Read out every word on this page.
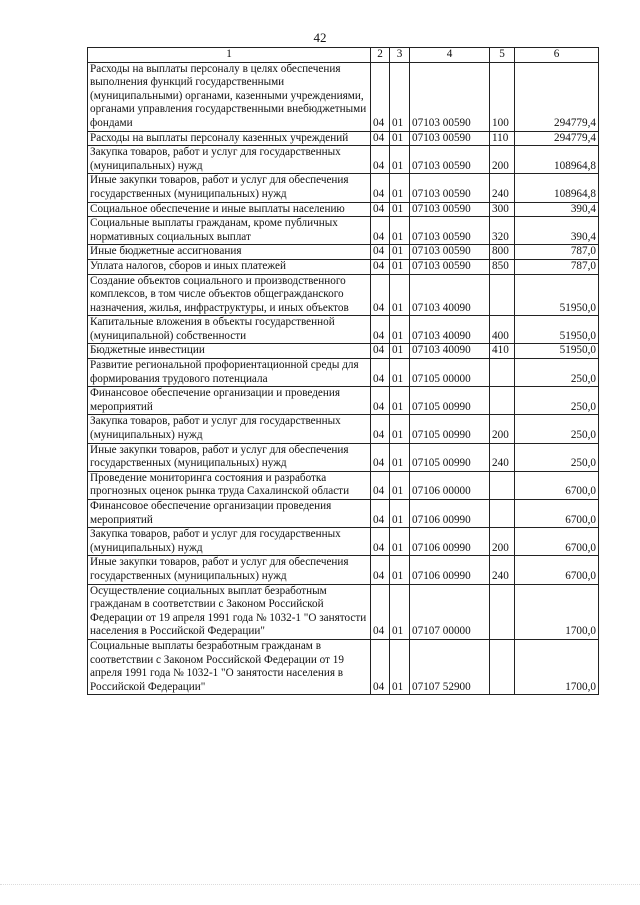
42
1	2	3	4	5	6
Расходы на выплаты персоналу в целях обеспечения выполнения функций государственными (муниципальными) органами, казенными учреждениями, органами управления государственными внебюджетными фондами	04	01	07103 00590	100	294779,4
Расходы на выплаты персоналу казенных учреждений	04	01	07103 00590	110	294779,4
Закупка товаров, работ и услуг для государственных (муниципальных) нужд	04	01	07103 00590	200	108964,8
Иные закупки товаров, работ и услуг для обеспечения государственных (муниципальных) нужд	04	01	07103 00590	240	108964,8
Социальное обеспечение и иные выплаты населению	04	01	07103 00590	300	390,4
Социальные выплаты гражданам, кроме публичных нормативных социальных выплат	04	01	07103 00590	320	390,4
Иные бюджетные ассигнования	04	01	07103 00590	800	787,0
Уплата налогов, сборов и иных платежей	04	01	07103 00590	850	787,0
Создание объектов социального и производственного комплексов, в том числе объектов общегражданского назначения, жилья, инфраструктуры, и иных объектов	04	01	07103 40090		51950,0
Капитальные вложения в объекты государственной (муниципальной) собственности	04	01	07103 40090	400	51950,0
Бюджетные инвестиции	04	01	07103 40090	410	51950,0
Развитие региональной профориентационной среды для формирования трудового потенциала	04	01	07105 00000		250,0
Финансовое обеспечение организации и проведения мероприятий	04	01	07105 00990		250,0
Закупка товаров, работ и услуг для государственных (муниципальных) нужд	04	01	07105 00990	200	250,0
Иные закупки товаров, работ и услуг для обеспечения государственных (муниципальных) нужд	04	01	07105 00990	240	250,0
Проведение мониторинга состояния и разработка прогнозных оценок рынка труда Сахалинской области	04	01	07106 00000		6700,0
Финансовое обеспечение организации проведения мероприятий	04	01	07106 00990		6700,0
Закупка товаров, работ и услуг для государственных (муниципальных) нужд	04	01	07106 00990	200	6700,0
Иные закупки товаров, работ и услуг для обеспечения государственных (муниципальных) нужд	04	01	07106 00990	240	6700,0
Осуществление социальных выплат безработным гражданам в соответствии с Законом Российской Федерации от 19 апреля 1991 года № 1032-1 "О занятости населения в Российской Федерации"	04	01	07107 00000		1700,0
Социальные выплаты безработным гражданам в соответствии с Законом Российской Федерации от 19 апреля 1991 года № 1032-1 "О занятости населения в Российской Федерации"	04	01	07107 52900		1700,0
